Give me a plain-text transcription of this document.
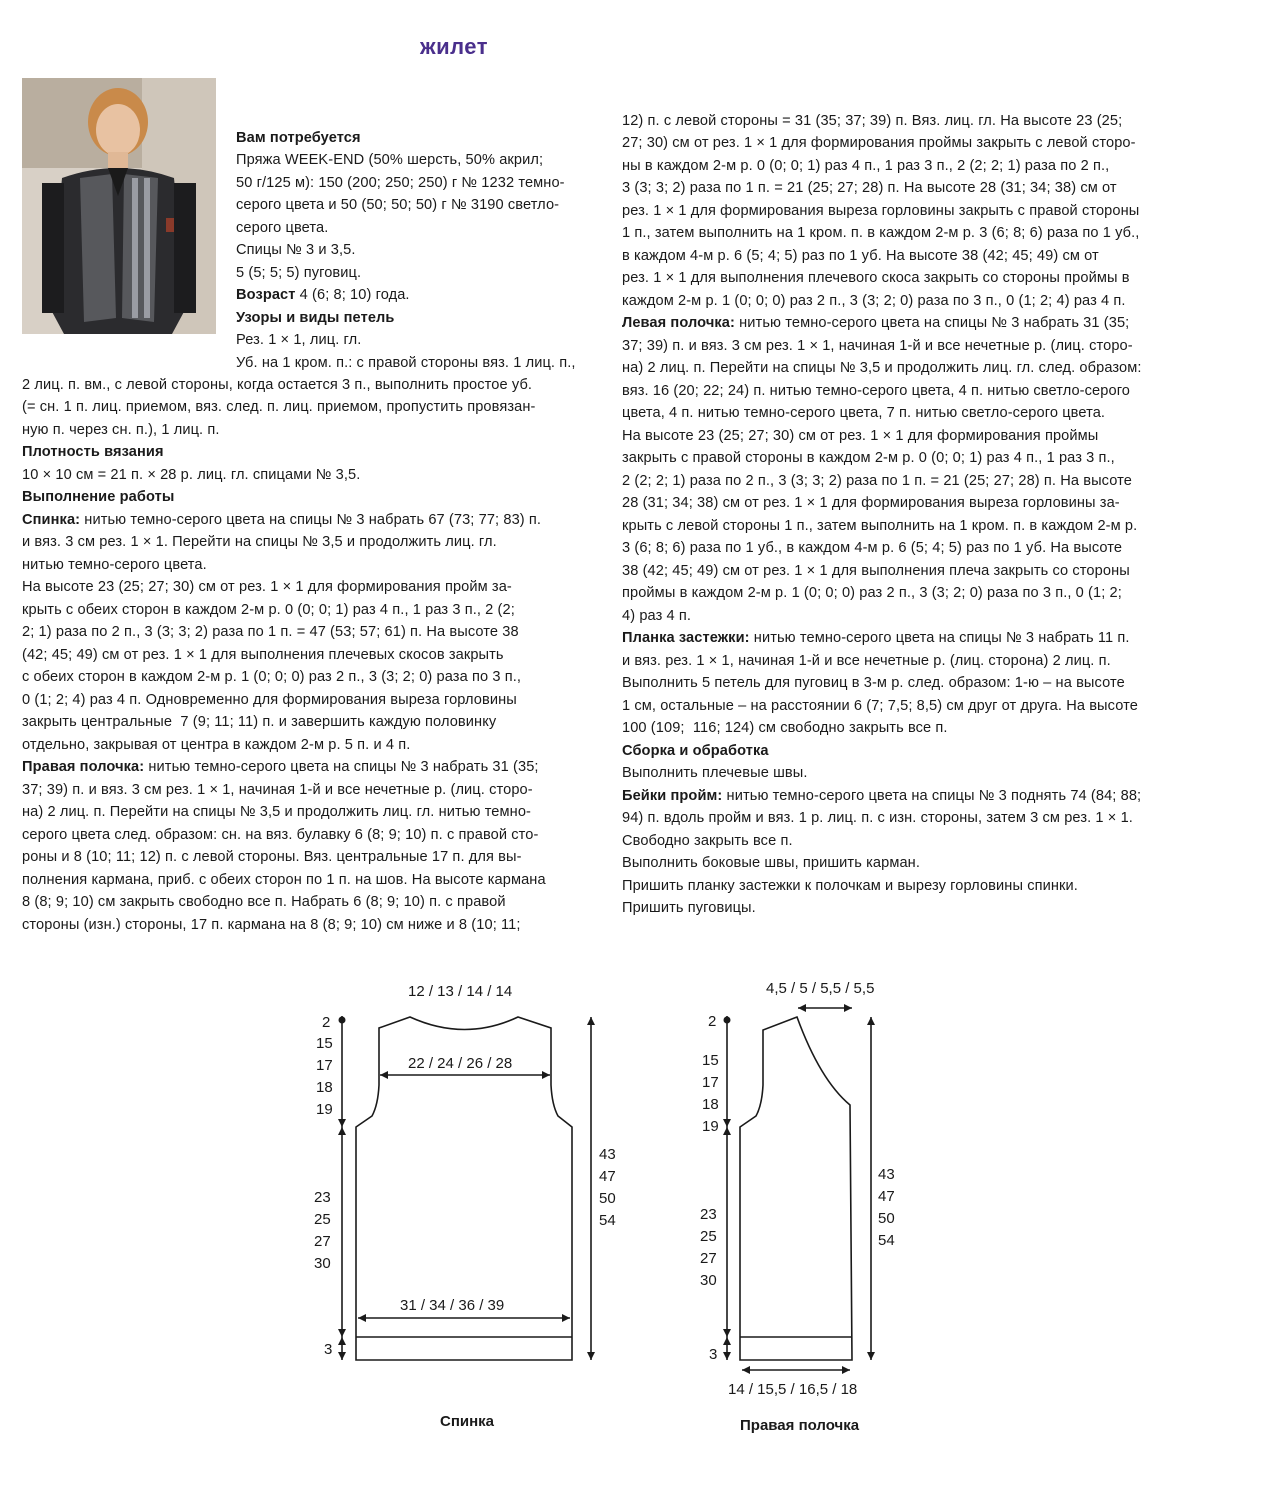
жилет

Вам потребуется

Пряжа WEEK-END (50% шерсть, 50% акрил;

50 г/125 м): 150 (200; 250; 250) г № 1232 темно-

серого цвета и 50 (50; 50; 50) г № 3190 светло-

серого цвета.

Спицы № 3 и 3,5.

5 (5; 5; 5) пуговиц.

Возраст 4 (6; 8; 10) года.

Узоры и виды петель

Рез. 1 × 1, лиц. гл.

Уб. на 1 кром. п.: с правой стороны вяз. 1 лиц. п.,

2 лиц. п. вм., с левой стороны, когда остается 3 п., выполнить простое уб.

(= сн. 1 п. лиц. приемом, вяз. след. п. лиц. приемом, пропустить провязан-

ную п. через сн. п.), 1 лиц. п.

Плотность вязания

10 × 10 см = 21 п. × 28 р. лиц. гл. спицами № 3,5.

Выполнение работы

Спинка: нитью темно-серого цвета на спицы № 3 набрать 67 (73; 77; 83) п.

и вяз. 3 см рез. 1 × 1. Перейти на спицы № 3,5 и продолжить лиц. гл.

нитью темно-серого цвета.

На высоте 23 (25; 27; 30) см от рез. 1 × 1 для формирования пройм за-

крыть с обеих сторон в каждом 2-м р. 0 (0; 0; 1) раз 4 п., 1 раз 3 п., 2 (2;

2; 1) раза по 2 п., 3 (3; 3; 2) раза по 1 п. = 47 (53; 57; 61) п. На высоте 38

(42; 45; 49) см от рез. 1 × 1 для выполнения плечевых скосов закрыть

с обеих сторон в каждом 2-м р. 1 (0; 0; 0) раз 2 п., 3 (3; 2; 0) раза по 3 п.,

0 (1; 2; 4) раз 4 п. Одновременно для формирования выреза горловины

закрыть центральные  7 (9; 11; 11) п. и завершить каждую половинку

отдельно, закрывая от центра в каждом 2-м р. 5 п. и 4 п.

Правая полочка: нитью темно-серого цвета на спицы № 3 набрать 31 (35;

37; 39) п. и вяз. 3 см рез. 1 × 1, начиная 1-й и все нечетные р. (лиц. сторо-

на) 2 лиц. п. Перейти на спицы № 3,5 и продолжить лиц. гл. нитью темно-

серого цвета след. образом: сн. на вяз. булавку 6 (8; 9; 10) п. с правой сто-

роны и 8 (10; 11; 12) п. с левой стороны. Вяз. центральные 17 п. для вы-

полнения кармана, приб. с обеих сторон по 1 п. на шов. На высоте кармана

8 (8; 9; 10) см закрыть свободно все п. Набрать 6 (8; 9; 10) п. с правой

стороны (изн.) стороны, 17 п. кармана на 8 (8; 9; 10) см ниже и 8 (10; 11;

12) п. с левой стороны = 31 (35; 37; 39) п. Вяз. лиц. гл. На высоте 23 (25;

27; 30) см от рез. 1 × 1 для формирования проймы закрыть с левой сторо-

ны в каждом 2-м р. 0 (0; 0; 1) раз 4 п., 1 раз 3 п., 2 (2; 2; 1) раза по 2 п.,

3 (3; 3; 2) раза по 1 п. = 21 (25; 27; 28) п. На высоте 28 (31; 34; 38) см от

рез. 1 × 1 для формирования выреза горловины закрыть с правой стороны

1 п., затем выполнить на 1 кром. п. в каждом 2-м р. 3 (6; 8; 6) раза по 1 уб.,

в каждом 4-м р. 6 (5; 4; 5) раз по 1 уб. На высоте 38 (42; 45; 49) см от

рез. 1 × 1 для выполнения плечевого скоса закрыть со стороны проймы в

каждом 2-м р. 1 (0; 0; 0) раз 2 п., 3 (3; 2; 0) раза по 3 п., 0 (1; 2; 4) раз 4 п.

Левая полочка: нитью темно-серого цвета на спицы № 3 набрать 31 (35;

37; 39) п. и вяз. 3 см рез. 1 × 1, начиная 1-й и все нечетные р. (лиц. сторо-

на) 2 лиц. п. Перейти на спицы № 3,5 и продолжить лиц. гл. след. образом:

вяз. 16 (20; 22; 24) п. нитью темно-серого цвета, 4 п. нитью светло-серого

цвета, 4 п. нитью темно-серого цвета, 7 п. нитью светло-серого цвета.

На высоте 23 (25; 27; 30) см от рез. 1 × 1 для формирования проймы

закрыть с правой стороны в каждом 2-м р. 0 (0; 0; 1) раз 4 п., 1 раз 3 п.,

2 (2; 2; 1) раза по 2 п., 3 (3; 3; 2) раза по 1 п. = 21 (25; 27; 28) п. На высоте

28 (31; 34; 38) см от рез. 1 × 1 для формирования выреза горловины за-

крыть с левой стороны 1 п., затем выполнить на 1 кром. п. в каждом 2-м р.

3 (6; 8; 6) раза по 1 уб., в каждом 4-м р. 6 (5; 4; 5) раз по 1 уб. На высоте

38 (42; 45; 49) см от рез. 1 × 1 для выполнения плеча закрыть со стороны

проймы в каждом 2-м р. 1 (0; 0; 0) раз 2 п., 3 (3; 2; 0) раза по 3 п., 0 (1; 2;

4) раз 4 п.

Планка застежки: нитью темно-серого цвета на спицы № 3 набрать 11 п.

и вяз. рез. 1 × 1, начиная 1-й и все нечетные р. (лиц. сторона) 2 лиц. п.

Выполнить 5 петель для пуговиц в 3-м р. след. образом: 1-ю – на высоте

1 см, остальные – на расстоянии 6 (7; 7,5; 8,5) см друг от друга. На высоте

100 (109;  116; 124) см свободно закрыть все п.

Сборка и обработка

Выполнить плечевые швы.

Бейки пройм: нитью темно-серого цвета на спицы № 3 поднять 74 (84; 88;

94) п. вдоль пройм и вяз. 1 р. лиц. п. с изн. стороны, затем 3 см рез. 1 × 1.

Свободно закрыть все п.

Выполнить боковые швы, пришить карман.

Пришить планку застежки к полочкам и вырезу горловины спинки.

Пришить пуговицы.

12 / 13 / 14 / 14
22 / 24 / 26 / 28
31 / 34 / 36 / 39
2
15
17
18
19
23
25
27
30
3
43
47
50
54
4,5 / 5 / 5,5 / 5,5
14 / 15,5 / 16,5 / 18
2
15
17
18
19
23
25
27
30
3
43
47
50
54
Спинка	Правая полочка
